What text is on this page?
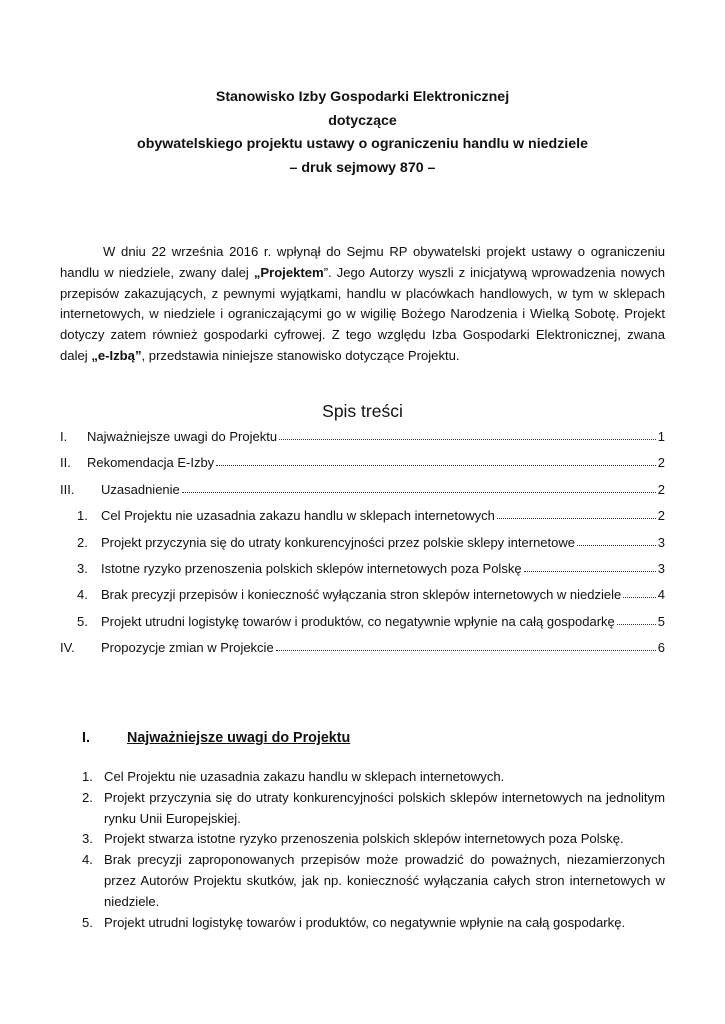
Stanowisko Izby Gospodarki Elektronicznej
dotyczące
obywatelskiego projektu ustawy o ograniczeniu handlu w niedziele
– druk sejmowy 870 –
W dniu 22 września 2016 r. wpłynął do Sejmu RP obywatelski projekt ustawy o ograniczeniu handlu w niedziele, zwany dalej „Projektem”. Jego Autorzy wyszli z inicjatywą wprowadzenia nowych przepisów zakazujących, z pewnymi wyjątkami, handlu w placówkach handlowych, w tym w sklepach internetowych, w niedziele i ograniczającymi go w wigilię Bożego Narodzenia i Wielką Sobotę. Projekt dotyczy zatem również gospodarki cyfrowej. Z tego względu Izba Gospodarki Elektronicznej, zwana dalej „e-Izbą”, przedstawia niniejsze stanowisko dotyczące Projektu.
Spis treści
I.	Najważniejsze uwagi do Projektu	1
II.	Rekomendacja E-Izby	2
III.	Uzasadnienie	2
1.	Cel Projektu nie uzasadnia zakazu handlu w sklepach internetowych	2
2.	Projekt przyczynia się do utraty konkurencyjności przez polskie sklepy internetowe	3
3.	Istotne ryzyko przenoszenia polskich sklepów internetowych poza Polskę	3
4.	Brak precyzji przepisów i konieczność wyłączania stron sklepów internetowych w niedziele	4
5.	Projekt utrudni logistykę towarów i produktów, co negatywnie wpłynie na całą gospodarkę	5
IV.	Propozycje zmian w Projekcie	6
I.	Najważniejsze uwagi do Projektu
1. Cel Projektu nie uzasadnia zakazu handlu w sklepach internetowych.
2. Projekt przyczynia się do utraty konkurencyjności polskich sklepów internetowych na jednolitym rynku Unii Europejskiej.
3. Projekt stwarza istotne ryzyko przenoszenia polskich sklepów internetowych poza Polskę.
4. Brak precyzji zaproponowanych przepisów może prowadzić do poważnych, niezamierzonych przez Autorów Projektu skutków, jak np. konieczność wyłączania całych stron internetowych w niedziele.
5. Projekt utrudni logistykę towarów i produktów, co negatywnie wpłynie na całą gospodarkę.
